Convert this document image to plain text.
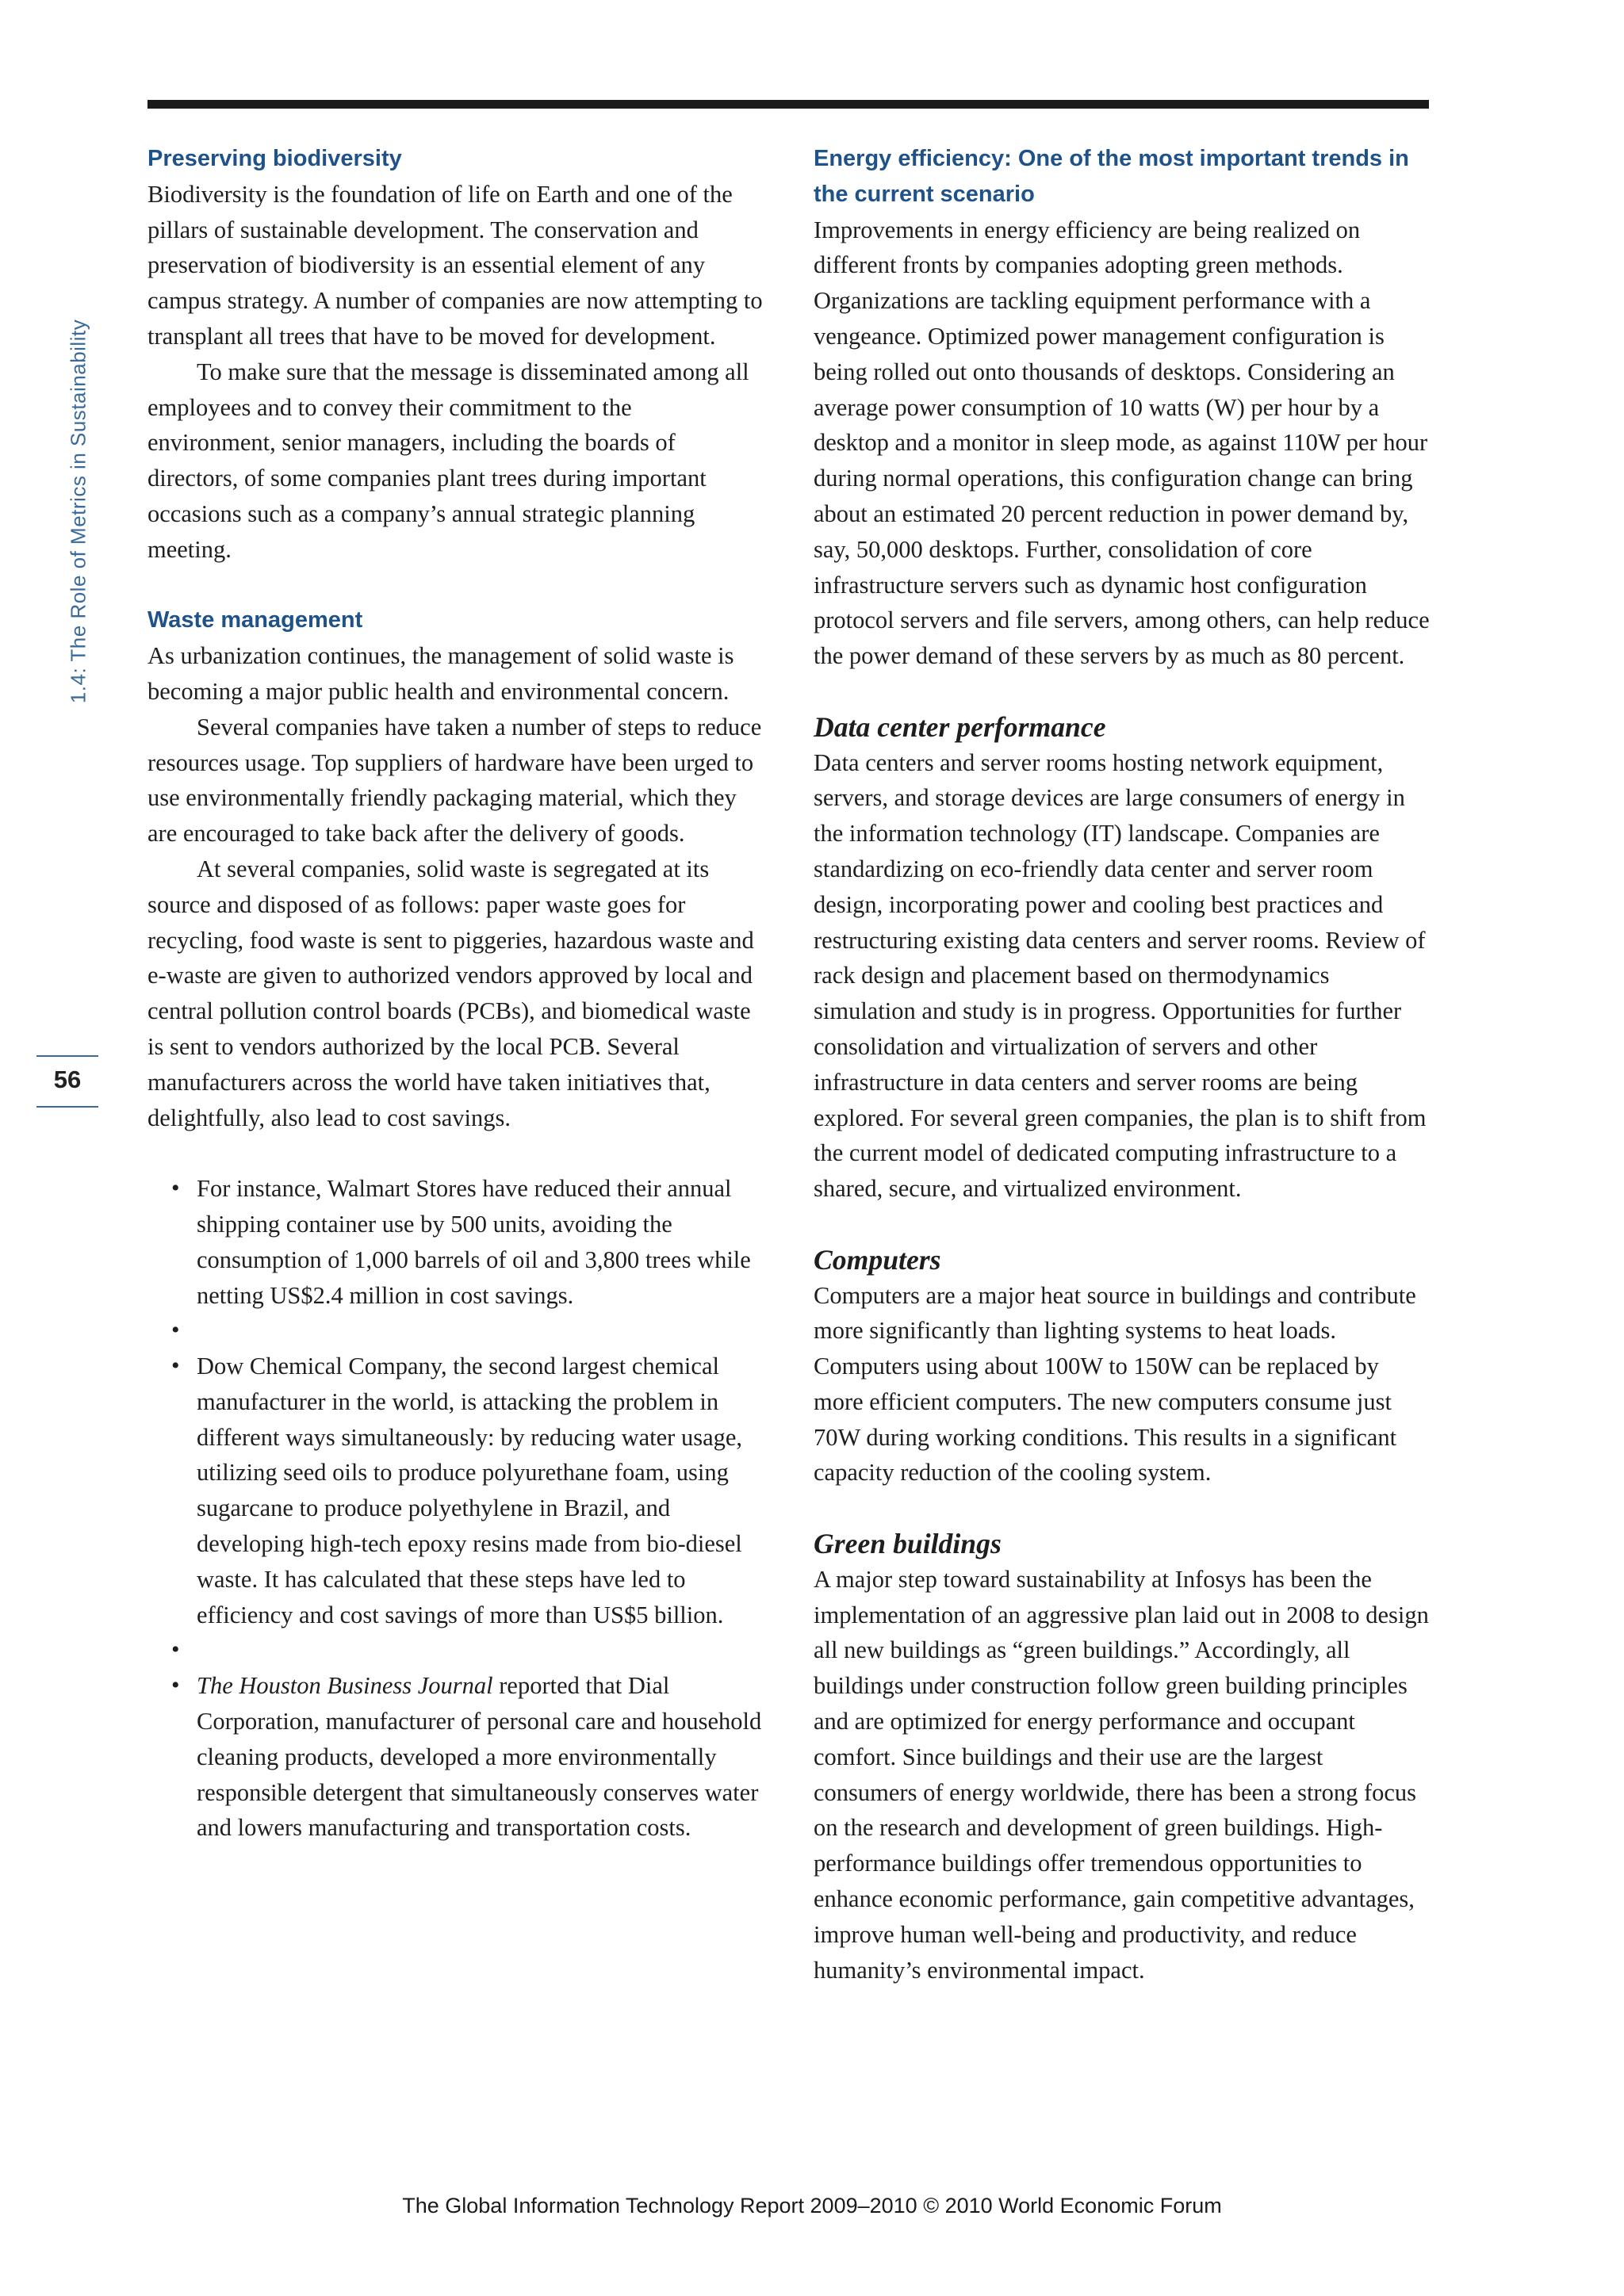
1.4: The Role of Metrics in Sustainability
56
Preserving biodiversity

Biodiversity is the foundation of life on Earth and one of the pillars of sustainable development. The conservation and preservation of biodiversity is an essential element of any campus strategy. A number of companies are now attempting to transplant all trees that have to be moved for development.

To make sure that the message is disseminated among all employees and to convey their commitment to the environment, senior managers, including the boards of directors, of some companies plant trees during important occasions such as a company’s annual strategic planning meeting.

Waste management

As urbanization continues, the management of solid waste is becoming a major public health and environmental concern.

Several companies have taken a number of steps to reduce resources usage. Top suppliers of hardware have been urged to use environmentally friendly packaging material, which they are encouraged to take back after the delivery of goods.

At several companies, solid waste is segregated at its source and disposed of as follows: paper waste goes for recycling, food waste is sent to piggeries, hazardous waste and e-waste are given to authorized vendors approved by local and central pollution control boards (PCBs), and biomedical waste is sent to vendors authorized by the local PCB. Several manufacturers across the world have taken initiatives that, delightfully, also lead to cost savings.

• For instance, Walmart Stores have reduced their annual shipping container use by 500 units, avoiding the consumption of 1,000 barrels of oil and 3,800 trees while netting US$2.4 million in cost savings.
•
• Dow Chemical Company, the second largest chemical manufacturer in the world, is attacking the problem in different ways simultaneously: by reducing water usage, utilizing seed oils to produce polyurethane foam, using sugarcane to produce polyethylene in Brazil, and developing high-tech epoxy resins made from bio-diesel waste. It has calculated that these steps have led to efficiency and cost savings of more than US$5 billion.
•
• The Houston Business Journal reported that Dial Corporation, manufacturer of personal care and household cleaning products, developed a more environmentally responsible detergent that simultaneously conserves water and lowers manufacturing and transportation costs.
Energy efficiency: One of the most important trends in the current scenario

Improvements in energy efficiency are being realized on different fronts by companies adopting green methods. Organizations are tackling equipment performance with a vengeance. Optimized power management configuration is being rolled out onto thousands of desktops. Considering an average power consumption of 10 watts (W) per hour by a desktop and a monitor in sleep mode, as against 110W per hour during normal operations, this configuration change can bring about an estimated 20 percent reduction in power demand by, say, 50,000 desktops. Further, consolidation of core infrastructure servers such as dynamic host configuration protocol servers and file servers, among others, can help reduce the power demand of these servers by as much as 80 percent.

Data center performance

Data centers and server rooms hosting network equipment, servers, and storage devices are large consumers of energy in the information technology (IT) landscape. Companies are standardizing on eco-friendly data center and server room design, incorporating power and cooling best practices and restructuring existing data centers and server rooms. Review of rack design and placement based on thermodynamics simulation and study is in progress. Opportunities for further consolidation and virtualization of servers and other infrastructure in data centers and server rooms are being explored. For several green companies, the plan is to shift from the current model of dedicated computing infrastructure to a shared, secure, and virtualized environment.

Computers

Computers are a major heat source in buildings and contribute more significantly than lighting systems to heat loads. Computers using about 100W to 150W can be replaced by more efficient computers. The new computers consume just 70W during working conditions. This results in a significant capacity reduction of the cooling system.

Green buildings

A major step toward sustainability at Infosys has been the implementation of an aggressive plan laid out in 2008 to design all new buildings as “green buildings.” Accordingly, all buildings under construction follow green building principles and are optimized for energy performance and occupant comfort. Since buildings and their use are the largest consumers of energy worldwide, there has been a strong focus on the research and development of green buildings. High-performance buildings offer tremendous opportunities to enhance economic performance, gain competitive advantages, improve human well-being and productivity, and reduce humanity’s environmental impact.

The Global Information Technology Report 2009–2010 © 2010 World Economic Forum
